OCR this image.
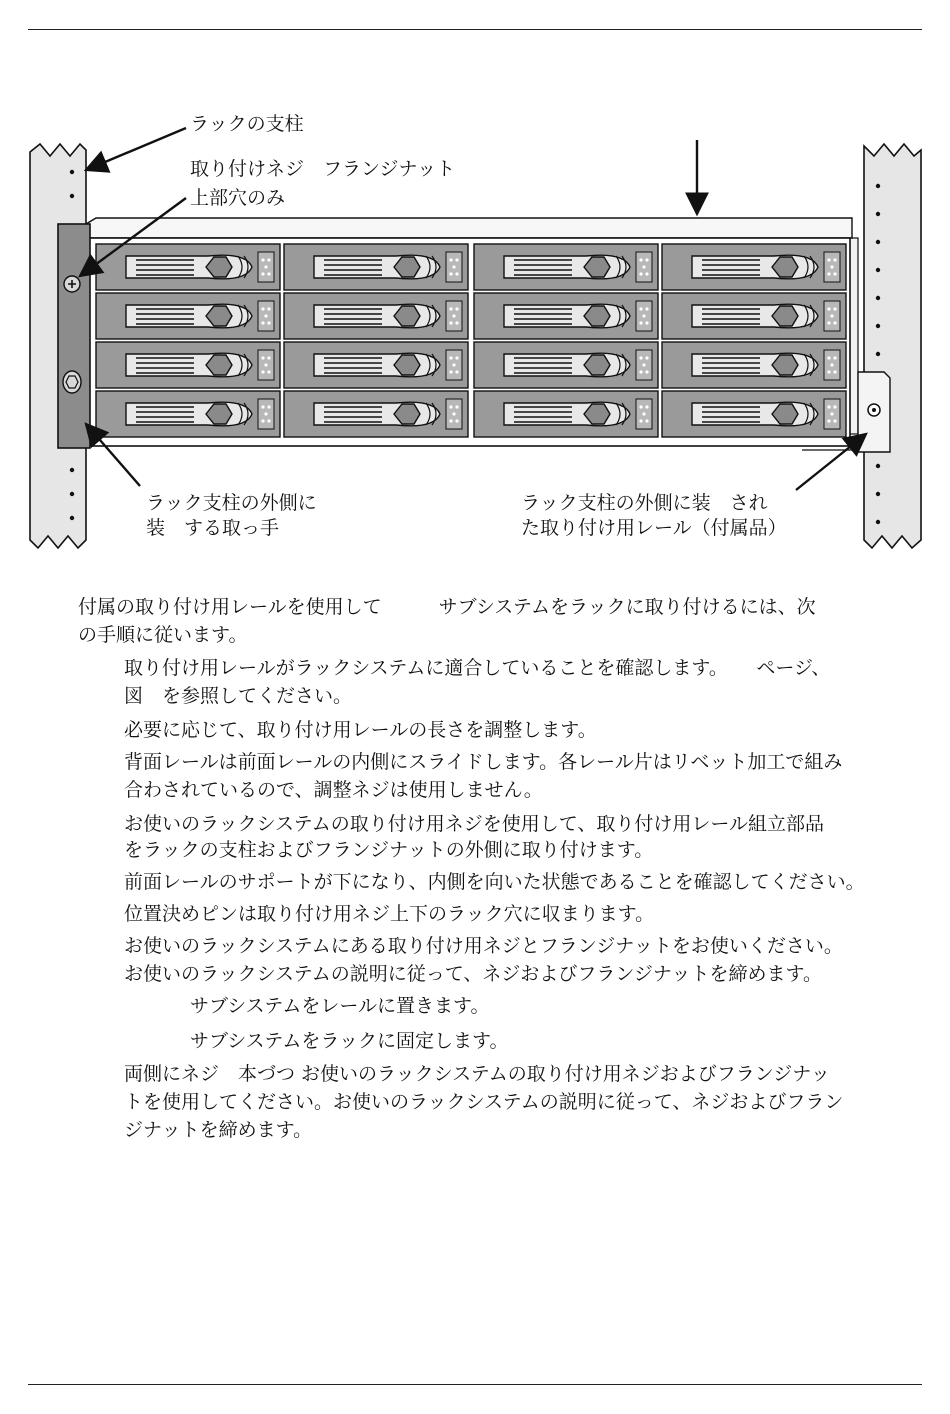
ラックの支柱
取り付けネジ　フランジナット
上部穴のみ
ラック支柱の外側に
装　する取っ手
ラック支柱の外側に装　され
た取り付け用レール（付属品）
付属の取り付け用レールを使用して　　　サブシステムをラックに取り付けるには、次
の手順に従います。
取り付け用レールがラックシステムに適合していることを確認します。　　ページ、
図　を参照してください。
必要に応じて、取り付け用レールの長さを調整します。
背面レールは前面レールの内側にスライドします。各レール片はリベット加工で組み
合わされているので、調整ネジは使用しません。
お使いのラックシステムの取り付け用ネジを使用して、取り付け用レール組立部品
をラックの支柱およびフランジナットの外側に取り付けます。
前面レールのサポートが下になり、内側を向いた状態であることを確認してください。
位置決めピンは取り付け用ネジ上下のラック穴に収まります。
お使いのラックシステムにある取り付け用ネジとフランジナットをお使いください。
お使いのラックシステムの説明に従って、ネジおよびフランジナットを締めます。
サブシステムをレールに置きます。
サブシステムをラックに固定します。
両側にネジ　本づつ お使いのラックシステムの取り付け用ネジおよびフランジナッ
トを使用してください。お使いのラックシステムの説明に従って、ネジおよびフラン
ジナットを締めます。
